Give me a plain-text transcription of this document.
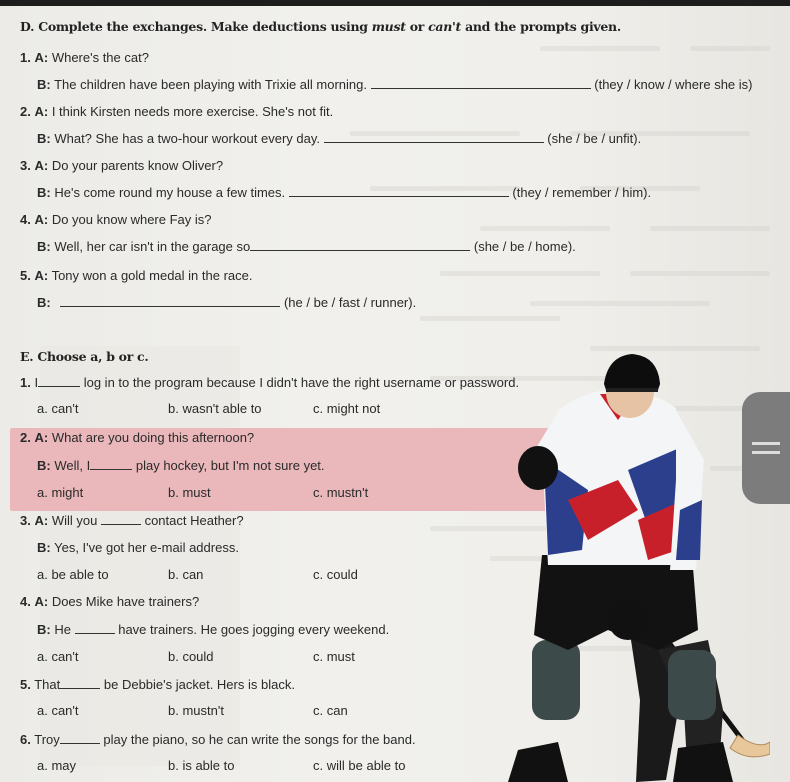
D. Complete the exchanges. Make deductions using must or can't and the prompts given.
1. A: Where's the cat?
B: The children have been playing with Trixie all morning.	(they / know / where she is)
2. A: I think Kirsten needs more exercise. She's not fit.
B: What? She has a two-hour workout every day.	(she / be / unfit).
3. A: Do your parents know Oliver?
B: He's come round my house a few times.	(they / remember / him).
4. A: Do you know where Fay is?
B: Well, her car isn't in the garage so	(she / be / home).
5. A: Tony won a gold medal in the race.
B:	(he / be / fast / runner).
E. Choose a, b or c.
1. I	log in to the program because I didn't have the right username or password.
a. can't	b. wasn't able to	c. might not
2. A: What are you doing this afternoon?
B: Well, I	play hockey, but I'm not sure yet.
a. might	b. must	c. mustn't
3. A: Will you	contact Heather?
B: Yes, I've got her e-mail address.
a. be able to	b. can	c. could
4. A: Does Mike have trainers?
B: He	have trainers. He goes jogging every weekend.
a. can't	b. could	c. must
5. That	be Debbie's jacket. Hers is black.
a. can't	b. mustn't	c. can
6. Troy	play the piano, so he can write the songs for the band.
a. may	b. is able to	c. will be able to
